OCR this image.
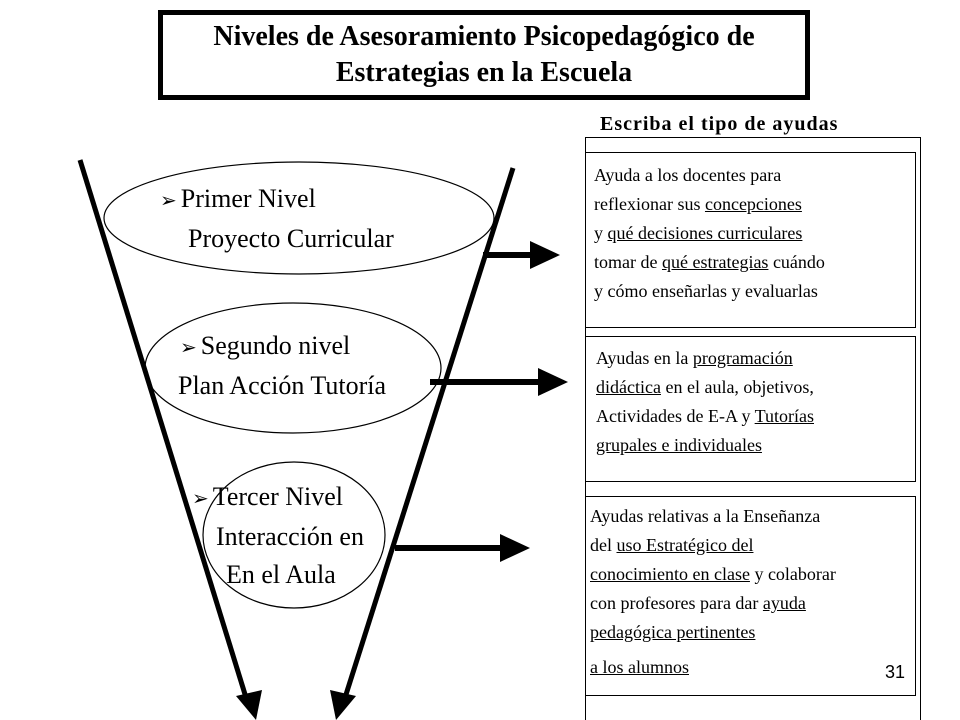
Niveles de Asesoramiento Psicopedagógico de
Estrategias en la Escuela
➢ Primer Nivel
Proyecto Curricular
➢ Segundo nivel
Plan Acción Tutoría
➢ Tercer Nivel
Interacción en
En el Aula
Escriba el tipo de ayudas
Ayuda a los docentes para
reflexionar sus concepciones
y qué decisiones curriculares
tomar de qué estrategias cuándo
y cómo enseñarlas y evaluarlas
Ayudas en la programación
didáctica en el aula, objetivos,
Actividades de E-A y Tutorías
grupales e individuales
Ayudas relativas a la Enseñanza
del uso Estratégico del
conocimiento en clase y colaborar
con profesores para dar ayuda
pedagógica pertinentes
a los alumnos	31
